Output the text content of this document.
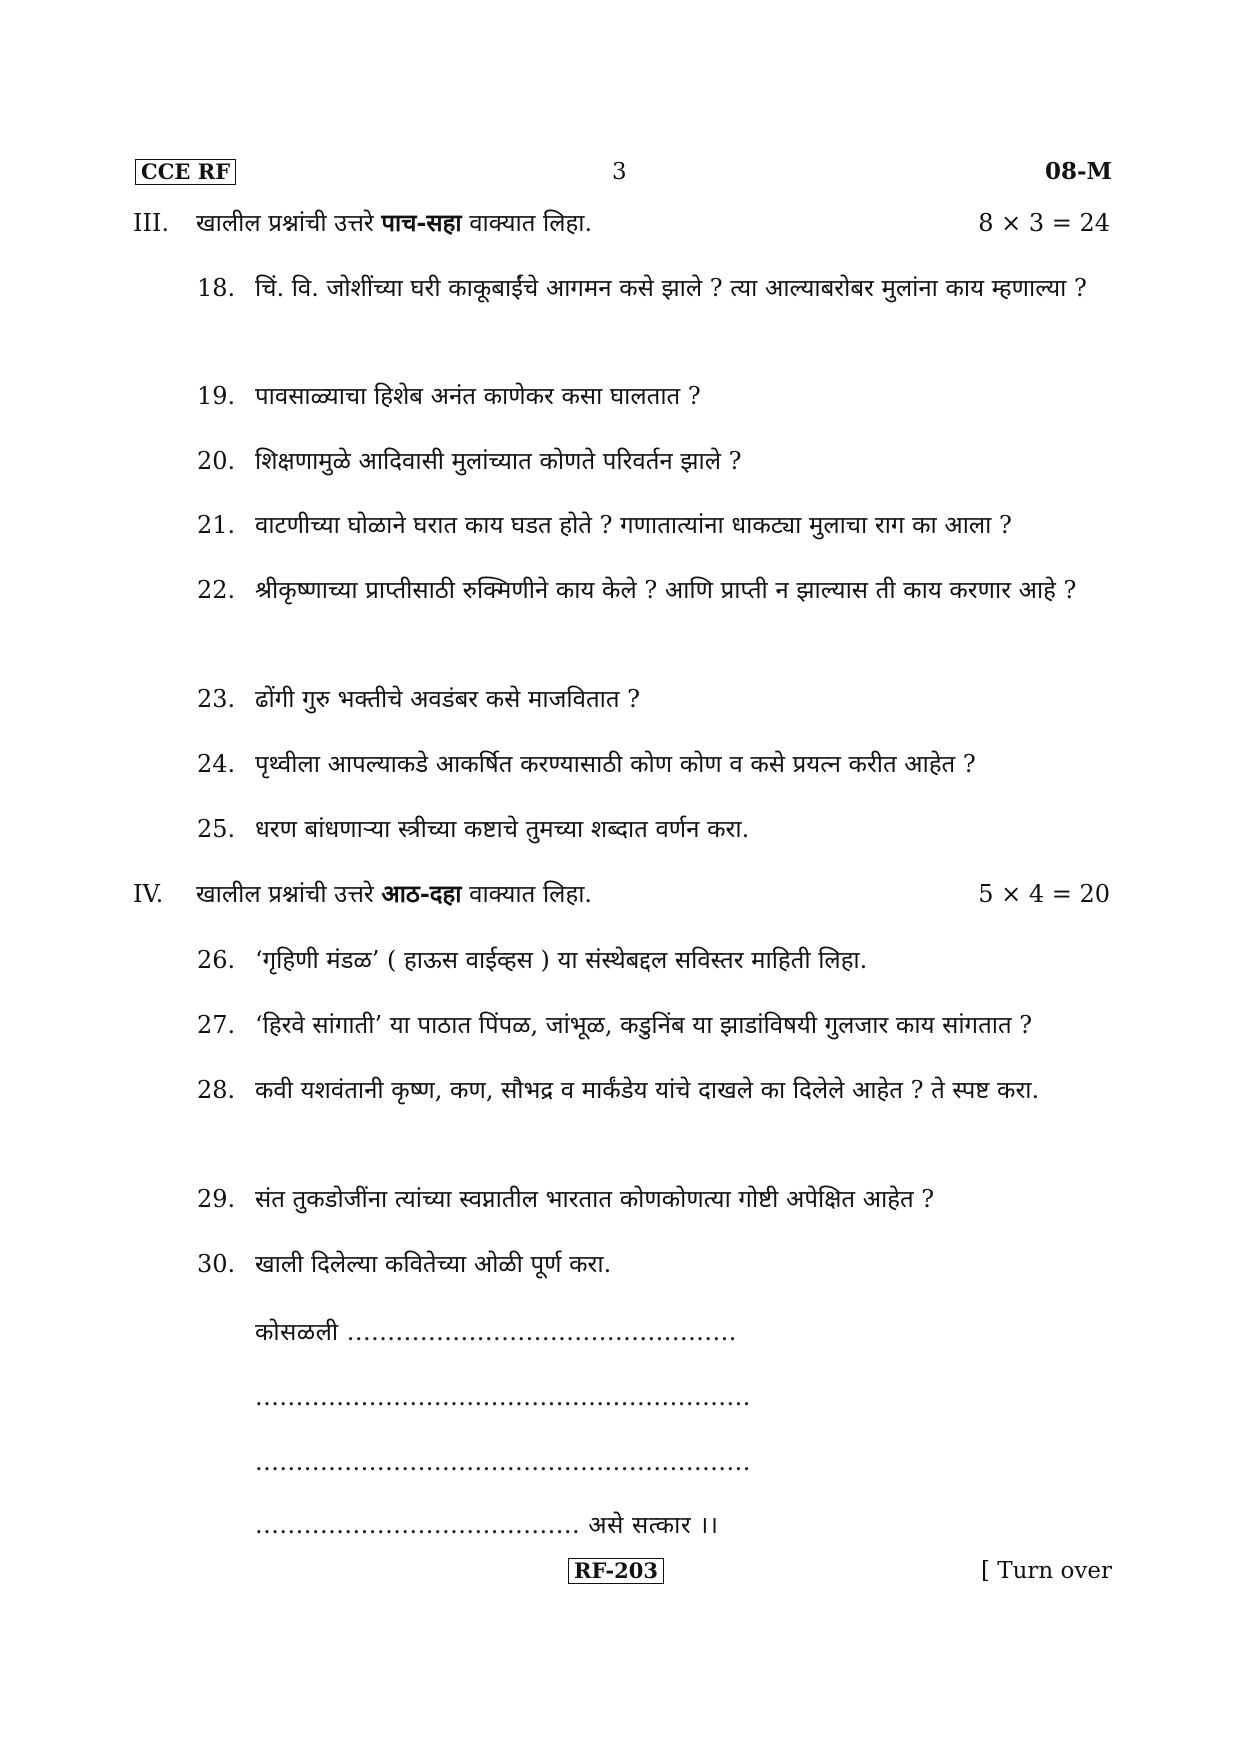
CCE RF	3	08-M
III. खालील प्रश्नांची उत्तरे पाच-सहा वाक्यात लिहा.	8 × 3 = 24
18. चिं. वि. जोशींच्या घरी काकूबाईंचे आगमन कसे झाले ? त्या आल्याबरोबर मुलांना काय म्हणाल्या ?
19. पावसाळ्याचा हिशेब अनंत काणेकर कसा घालतात ?
20. शिक्षणामुळे आदिवासी मुलांच्यात कोणते परिवर्तन झाले ?
21. वाटणीच्या घोळाने घरात काय घडत होते ? गणातात्यांना धाकट्या मुलाचा राग का आला ?
22. श्रीकृष्णाच्या प्राप्तीसाठी रुक्मिणीने काय केले ? आणि प्राप्ती न झाल्यास ती काय करणार आहे ?
23. ढोंगी गुरु भक्तीचे अवडंबर कसे माजवितात ?
24. पृथ्वीला आपल्याकडे आकर्षित करण्यासाठी कोण कोण व कसे प्रयत्न करीत आहेत ?
25. धरण बांधणाऱ्या स्त्रीच्या कष्टाचे तुमच्या शब्दात वर्णन करा.
IV. खालील प्रश्नांची उत्तरे आठ-दहा वाक्यात लिहा.	5 × 4 = 20
26. ‘गृहिणी मंडळ’ ( हाऊस वाईव्हस ) या संस्थेबद्दल सविस्तर माहिती लिहा.
27. ‘हिरवे सांगाती’ या पाठात पिंपळ, जांभूळ, कडुनिंब या झाडांविषयी गुलजार काय सांगतात ?
28. कवी यशवंतानी कृष्ण, कण, सौभद्र व मार्कंडेय यांचे दाखले का दिलेले आहेत ? ते स्पष्ट करा.
29. संत तुकडोजींना त्यांच्या स्वप्नातील भारतात कोणकोणत्या गोष्टी अपेक्षित आहेत ?
30. खाली दिलेल्या कवितेच्या ओळी पूर्ण करा.
कोसळली ................................................
.............................................................
.............................................................
........................................ असे सत्कार ।।
RF-203	[ Turn over
